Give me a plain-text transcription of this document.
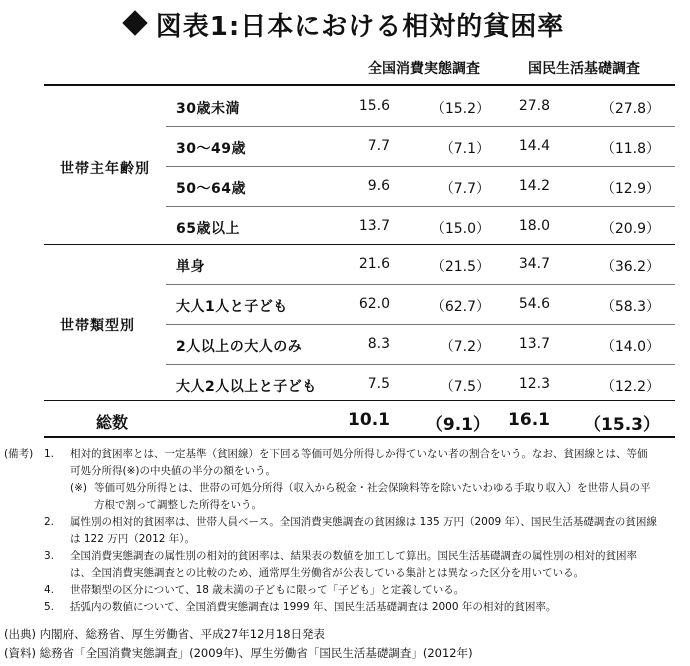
図表1:日本における相対的貧困率
全国消費実態調査	国民生活基礎調査
世帯主年齢別
30歳未満	15.6	（15.2） 27.8	（27.8）
30〜49歳	7.7	（7.1） 14.4	（11.8）
50〜64歳	9.6	（7.7） 14.2	（12.9）
65歳以上	13.7	（15.0） 18.0	（20.9）
世帯類型別
単身	21.6	（21.5） 34.7	（36.2）
大人1人と子ども	62.0	（62.7） 54.6	（58.3）
2人以上の大人のみ	8.3	（7.2） 13.7	（14.0）
大人2人以上と子ども	7.5	（7.5） 12.3	（12.2）
総数	10.1 （9.1） 16.1 （15.3）
(備考) 1. 相対的貧困率とは、一定基準（貧困線）を下回る等価可処分所得しか得ていない者の割合をいう。なお、貧困線とは、等価
可処分所得(※)の中央値の半分の額をいう。
(※) 等価可処分所得とは、世帯の可処分所得（収入から税金・社会保険料等を除いたいわゆる手取り収入）を世帯人員の平
方根で割って調整した所得をいう。
2. 属性別の相対的貧困率は、世帯人員ベース。全国消費実態調査の貧困線は 135 万円（2009 年）、国民生活基礎調査の貧困線
は 122 万円（2012 年）。
3. 全国消費実態調査の属性別の相対的貧困率は、結果表の数値を加工して算出。国民生活基礎調査の属性別の相対的貧困率
は、全国消費実態調査との比較のため、通常厚生労働省が公表している集計とは異なった区分を用いている。
4. 世帯類型の区分について、18 歳未満の子どもに限って「子ども」と定義している。
5. 括弧内の数値について、全国消費実態調査は 1999 年、国民生活基礎調査は 2000 年の相対的貧困率。
(出典) 内閣府、総務省、厚生労働省、平成27年12月18日発表
(資料) 総務省「全国消費実態調査」(2009年)、厚生労働省「国民生活基礎調査」(2012年)
